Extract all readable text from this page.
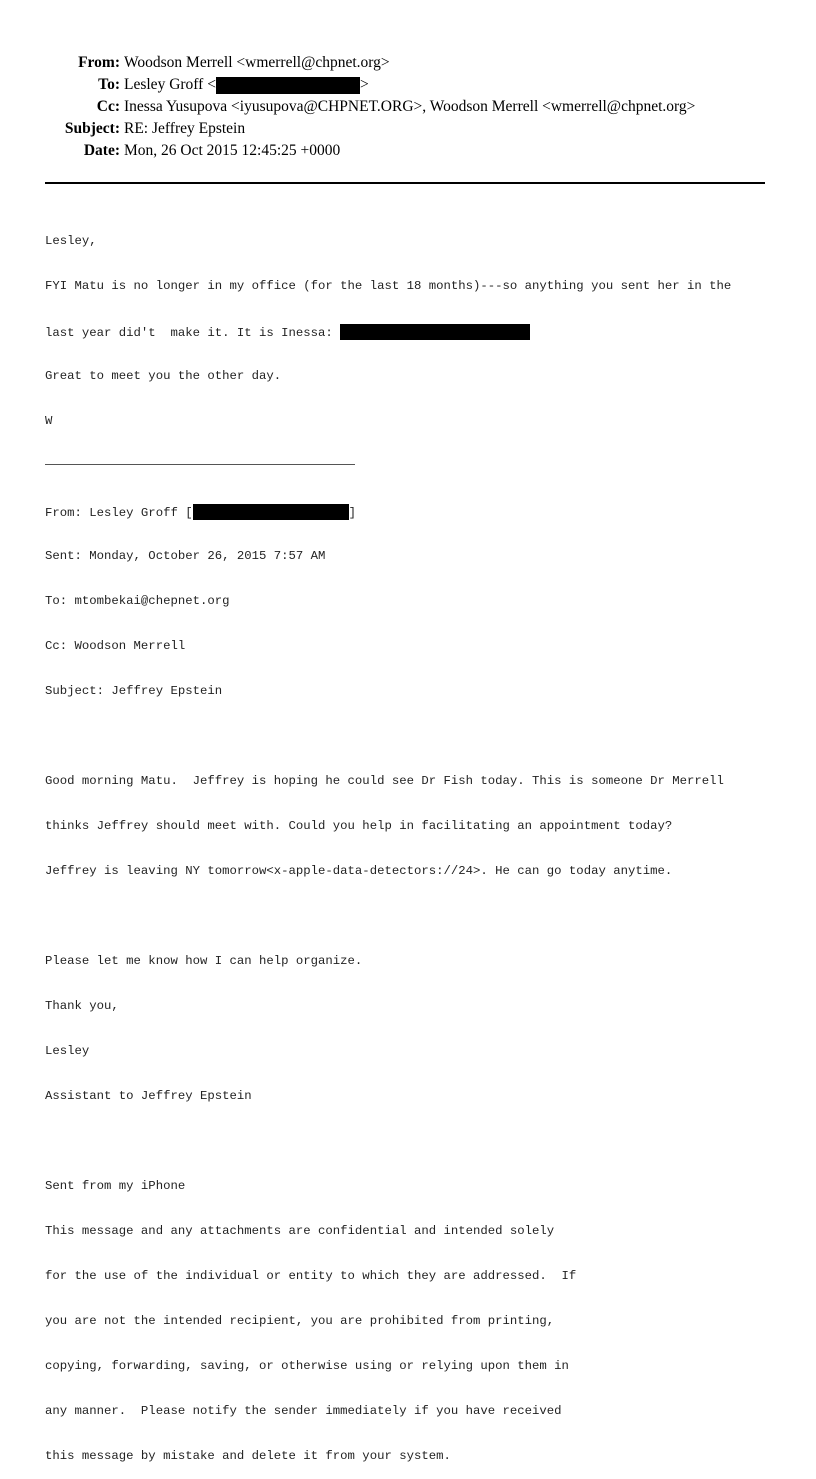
From: Woodson Merrell <wmerrell@chpnet.org>
To: Lesley Groff <	>
Cc: Inessa Yusupova <iyusupova@CHPNET.ORG>, Woodson Merrell <wmerrell@chpnet.org>
Subject: RE: Jeffrey Epstein
Date: Mon, 26 Oct 2015 12:45:25 +0000

Lesley,

FYI Matu is no longer in my office (for the last 18 months)---so anything you sent her in the

last year did't  make it. It is Inessa:

Great to meet you the other day.

W

From: Lesley Groff [	]

Sent: Monday, October 26, 2015 7:57 AM

To: mtombekai@chepnet.org

Cc: Woodson Merrell

Subject: Jeffrey Epstein

Good morning Matu.  Jeffrey is hoping he could see Dr Fish today. This is someone Dr Merrell

thinks Jeffrey should meet with. Could you help in facilitating an appointment today?

Jeffrey is leaving NY tomorrow<x-apple-data-detectors://24>. He can go today anytime.

Please let me know how I can help organize.

Thank you,

Lesley

Assistant to Jeffrey Epstein

Sent from my iPhone

This message and any attachments are confidential and intended solely

for the use of the individual or entity to which they are addressed.  If

you are not the intended recipient, you are prohibited from printing,

copying, forwarding, saving, or otherwise using or relying upon them in

any manner.  Please notify the sender immediately if you have received

this message by mistake and delete it from your system.
